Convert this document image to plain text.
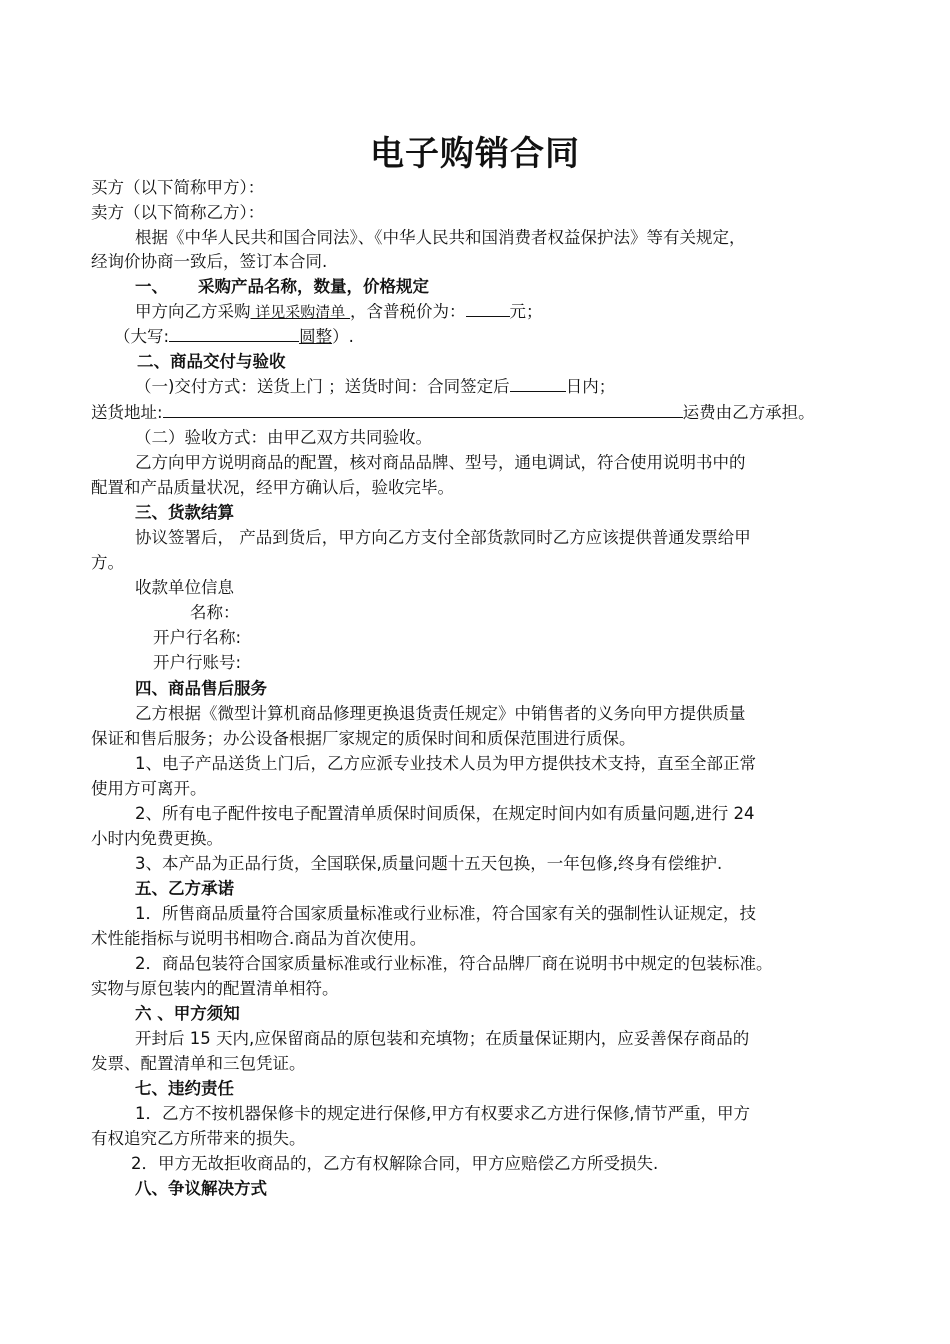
电子购销合同
买方（以下简称甲方）：
卖方（以下简称乙方）：
根据《中华人民共和国合同法》、《中华人民共和国消费者权益保护法》等有关规定，
经询价协商一致后，签订本合同.
一、 采购产品名称，数量，价格规定
甲方向乙方采购 详见采购清单 ，含普税价为：	元；
（大写:	圆整）.
二、商品交付与验收
（一)交付方式：送货上门 ；送货时间：合同签定后	日内；
送货地址:	运费由乙方承担。
（二）验收方式：由甲乙双方共同验收。
乙方向甲方说明商品的配置，核对商品品牌、型号，通电调试，符合使用说明书中的
配置和产品质量状况，经甲方确认后，验收完毕。
三、货款结算
协议签署后， 产品到货后，甲方向乙方支付全部货款同时乙方应该提供普通发票给甲
方。
收款单位信息
名称：
开户行名称:
开户行账号:
四、商品售后服务
乙方根据《微型计算机商品修理更换退货责任规定》中销售者的义务向甲方提供质量
保证和售后服务；办公设备根据厂家规定的质保时间和质保范围进行质保。
1、电子产品送货上门后，乙方应派专业技术人员为甲方提供技术支持，直至全部正常
使用方可离开。
2、所有电子配件按电子配置清单质保时间质保，在规定时间内如有质量问题,进行 24
小时内免费更换。
3、本产品为正品行货，全国联保,质量问题十五天包换，一年包修,终身有偿维护.
五、乙方承诺
1．所售商品质量符合国家质量标准或行业标准，符合国家有关的强制性认证规定，技
术性能指标与说明书相吻合.商品为首次使用。
2．商品包装符合国家质量标准或行业标准，符合品牌厂商在说明书中规定的包装标准。
实物与原包装内的配置清单相符。
六 、甲方须知
开封后 15 天内,应保留商品的原包装和充填物；在质量保证期内，应妥善保存商品的
发票、配置清单和三包凭证。
七、违约责任
1．乙方不按机器保修卡的规定进行保修,甲方有权要求乙方进行保修,情节严重，甲方
有权追究乙方所带来的损失。
2．甲方无故拒收商品的，乙方有权解除合同，甲方应赔偿乙方所受损失.
八、争议解决方式
